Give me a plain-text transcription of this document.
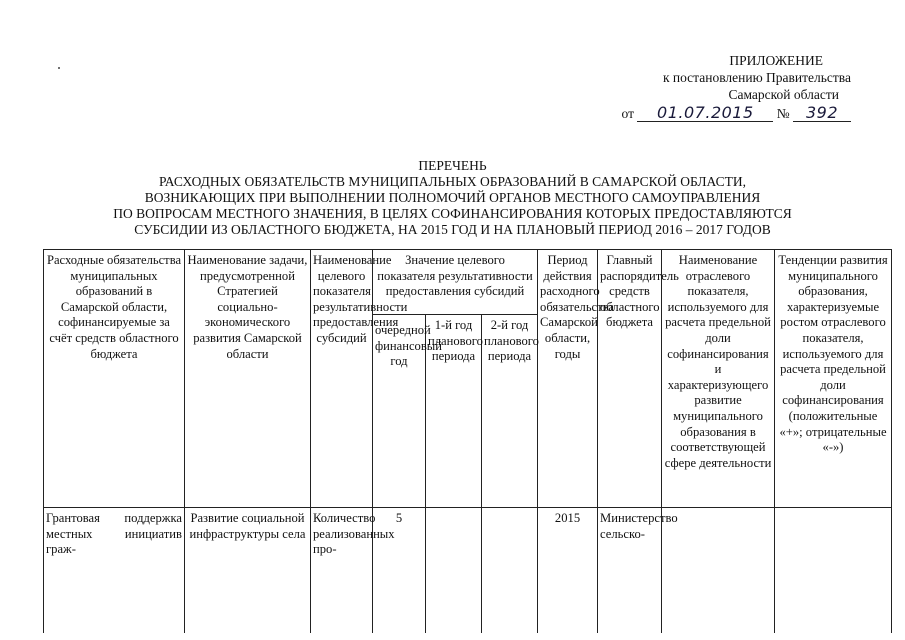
ПРИЛОЖЕНИЕ
к постановлению Правительства
Самарской области
от 01.07.2015 № 392
ПЕРЕЧЕНЬ
РАСХОДНЫХ ОБЯЗАТЕЛЬСТВ МУНИЦИПАЛЬНЫХ ОБРАЗОВАНИЙ В САМАРСКОЙ ОБЛАСТИ,
ВОЗНИКАЮЩИХ ПРИ ВЫПОЛНЕНИИ ПОЛНОМОЧИЙ ОРГАНОВ МЕСТНОГО САМОУПРАВЛЕНИЯ
ПО ВОПРОСАМ МЕСТНОГО ЗНАЧЕНИЯ, В ЦЕЛЯХ СОФИНАНСИРОВАНИЯ КОТОРЫХ ПРЕДОСТАВЛЯЮТСЯ
СУБСИДИИ ИЗ ОБЛАСТНОГО БЮДЖЕТА, НА 2015 ГОД И НА ПЛАНОВЫЙ ПЕРИОД 2016 – 2017 ГОДОВ
Расходные обязательства муниципальных образований в Самарской области, софинансируемые за счёт средств областного бюджета	Наименование задачи, предусмотренной Стратегией социально-экономического развития Самарской области	Наименование целевого показателя результативности предоставления субсидий	Значение целевого показателя результативности предоставления субсидий			Период действия расходного обязательства Самарской области, годы	Главный распорядитель средств областного бюджета	Наименование отраслевого показателя, используемого для расчета предельной доли софинансирования и характеризующего развитие муниципального образования в соответствующей сфере деятельности	Тенденции развития муниципального образования, характеризуемые ростом отраслевого показателя, используемого для расчета предельной доли софинансирования (положительные «+»; отрицательные «-»)

			очередной финансовый год	1-й год планового периода	2-й год планового периода				

Грантовая поддержка местных инициатив граж-	Развитие социальной инфраструктуры села	Количество реализованных про-	5			2015	Министерство сельско-		
